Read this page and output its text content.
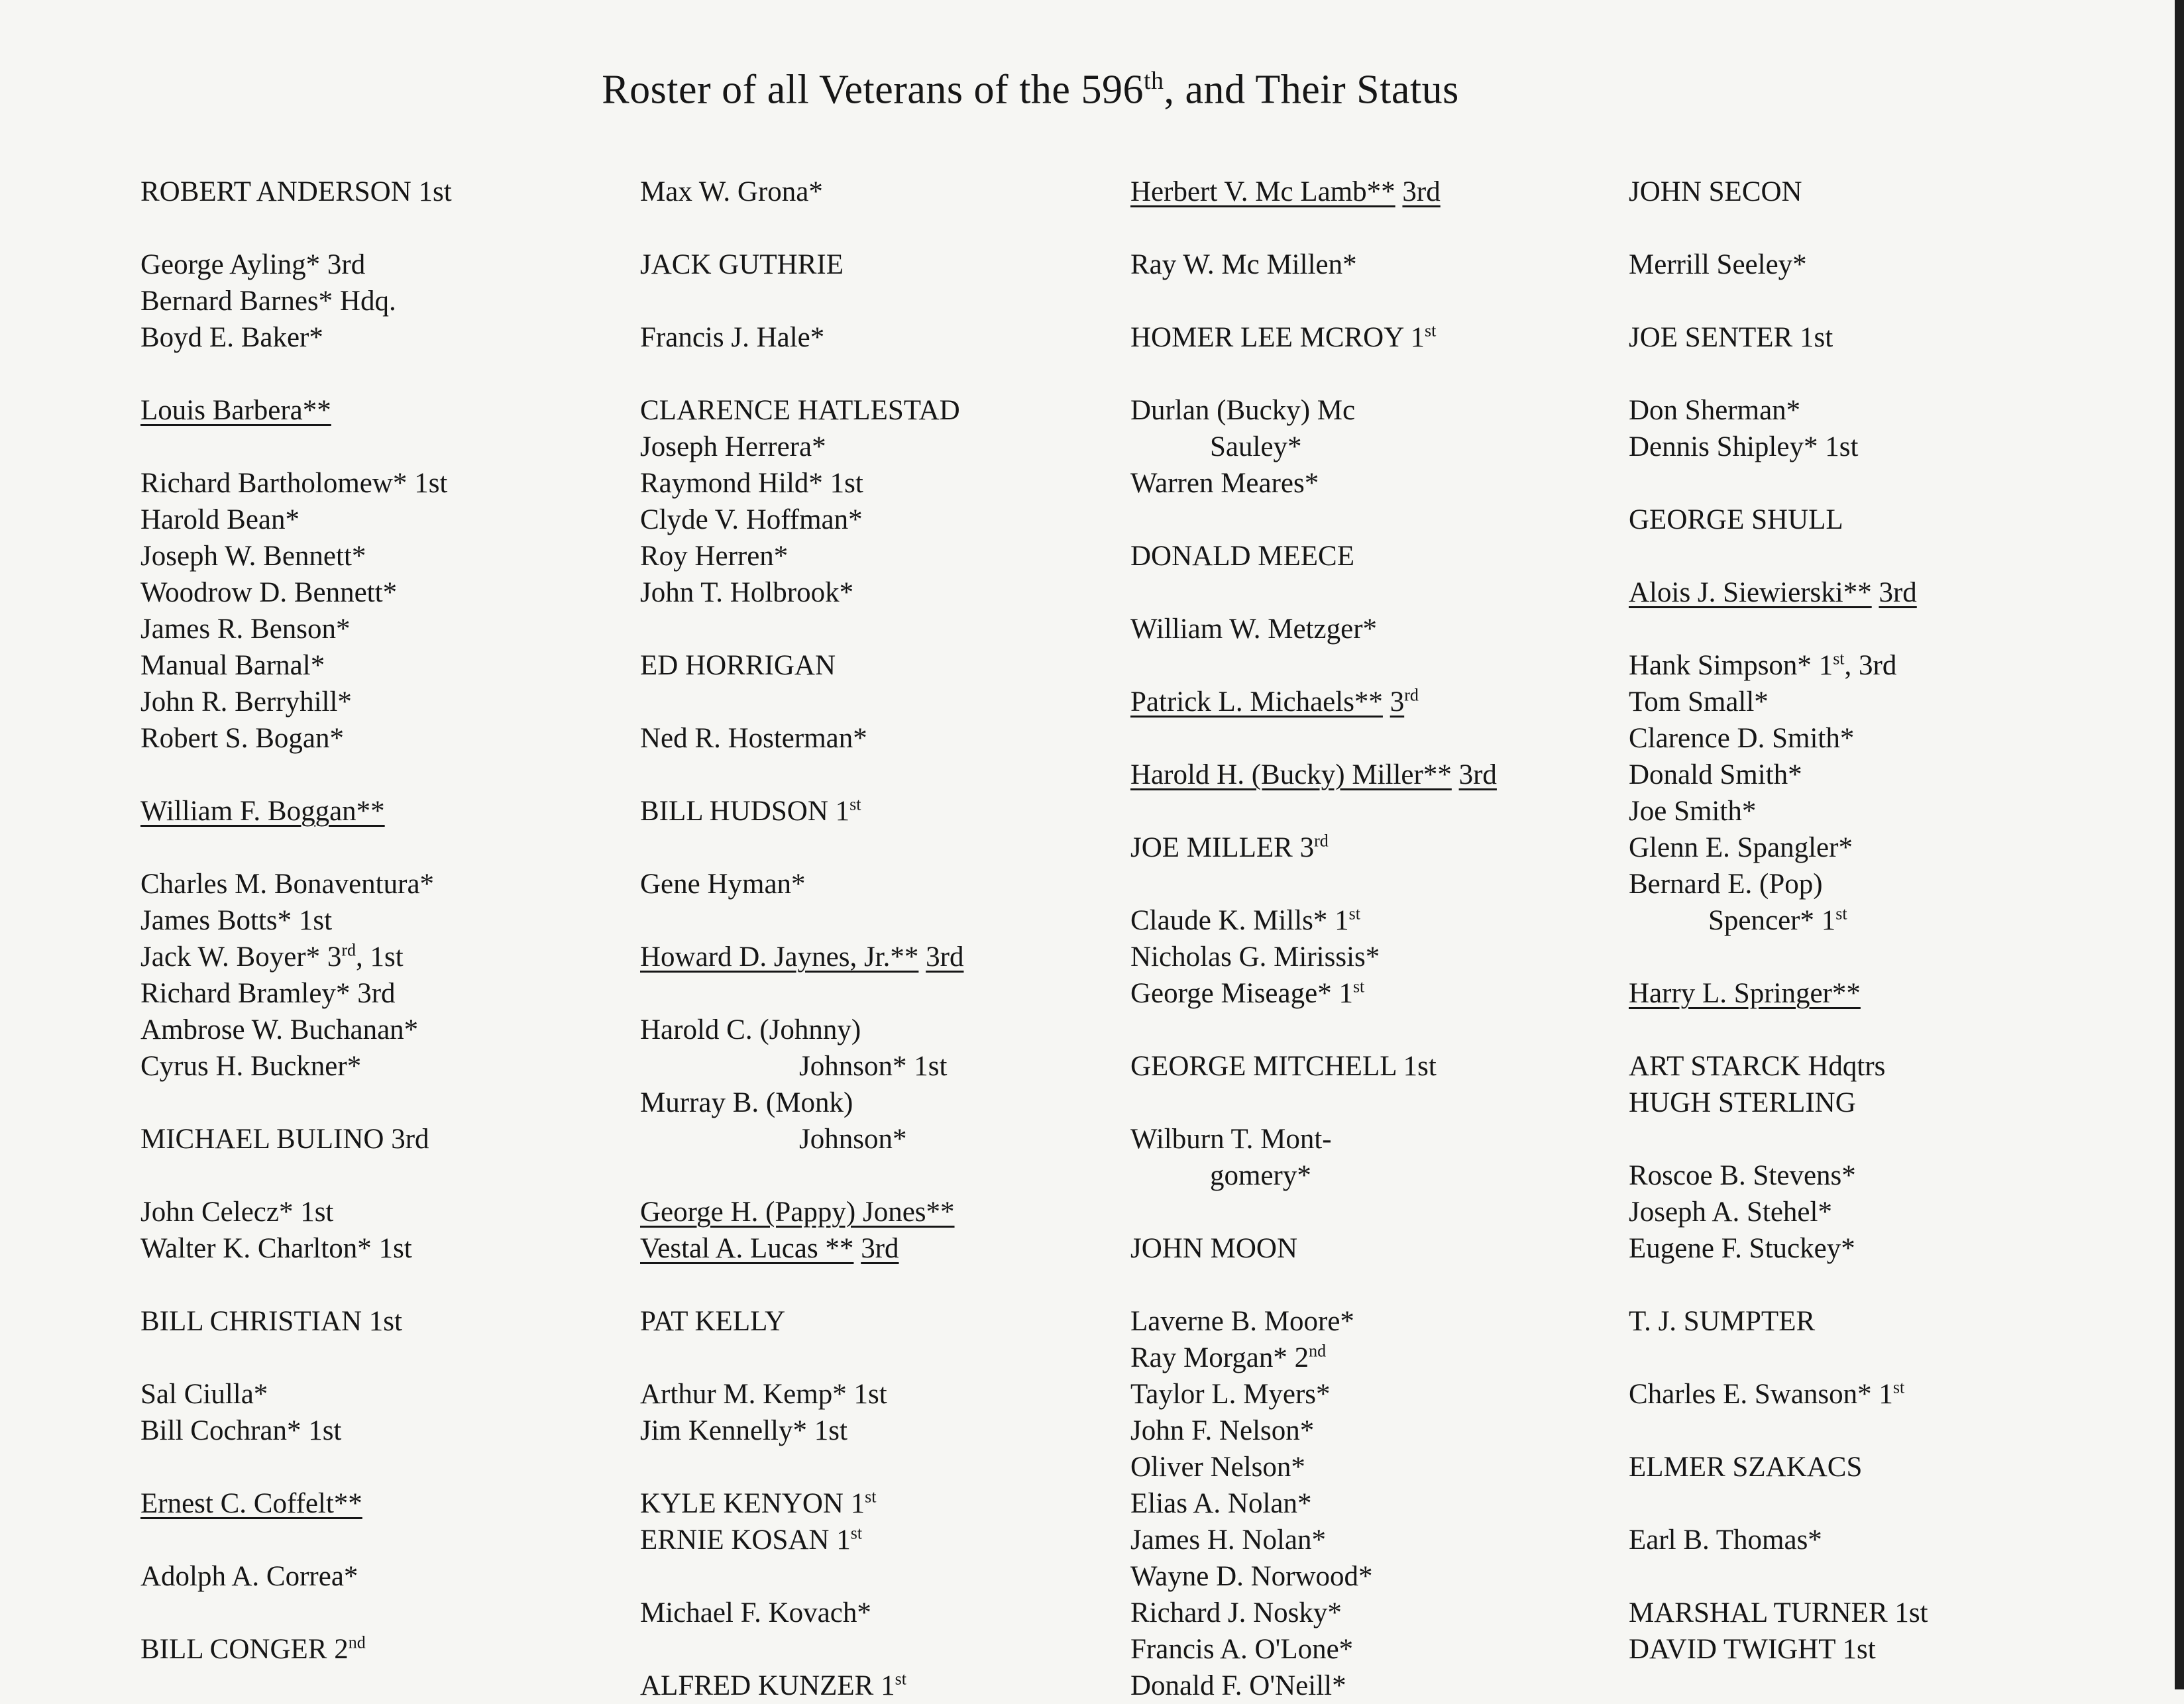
Roster of all Veterans of the 596th, and Their Status
ROBERT ANDERSON 1st
George Ayling* 3rd
Bernard Barnes* Hdq.
Boyd E. Baker*
Louis Barbera**
Richard Bartholomew* 1st
Harold Bean*
Joseph W. Bennett*
Woodrow D. Bennett*
James R. Benson*
Manual Barnal*
John R. Berryhill*
Robert S. Bogan*
William F. Boggan**
Charles M. Bonaventura*
James Botts* 1st
Jack W. Boyer* 3rd, 1st
Richard Bramley* 3rd
Ambrose W. Buchanan*
Cyrus H. Buckner*
MICHAEL BULINO 3rd
John Celecz* 1st
Walter K. Charlton* 1st
BILL CHRISTIAN 1st
Sal Ciulla*
Bill Cochran* 1st
Ernest C. Coffelt**
Adolph A. Correa*
BILL CONGER 2nd
Max W. Grona*
JACK GUTHRIE
Francis J. Hale*
CLARENCE HATLESTAD
Joseph Herrera*
Raymond Hild* 1st
Clyde V. Hoffman*
Roy Herren*
John T. Holbrook*
ED HORRIGAN
Ned R. Hosterman*
BILL HUDSON 1st
Gene Hyman*
Howard D. Jaynes, Jr.** 3rd
Harold C. (Johnny)
Johnson* 1st
Murray B. (Monk)
Johnson*
George H. (Pappy) Jones**
Vestal A. Lucas ** 3rd
PAT KELLY
Arthur M. Kemp* 1st
Jim Kennelly* 1st
KYLE KENYON 1st
ERNIE KOSAN 1st
Michael F. Kovach*
ALFRED KUNZER 1st
Herbert V. Mc Lamb** 3rd
Ray W. Mc Millen*
HOMER LEE MCROY 1st
Durlan (Bucky) Mc
Sauley*
Warren Meares*
DONALD MEECE
William W. Metzger*
Patrick L. Michaels** 3rd
Harold H. (Bucky) Miller** 3rd
JOE MILLER 3rd
Claude K. Mills* 1st
Nicholas G. Mirissis*
George Miseage* 1st
GEORGE MITCHELL 1st
Wilburn T. Mont-
gomery*
JOHN MOON
Laverne B. Moore*
Ray Morgan* 2nd
Taylor L. Myers*
John F. Nelson*
Oliver Nelson*
Elias A. Nolan*
James H. Nolan*
Wayne D. Norwood*
Richard J. Nosky*
Francis A. O'Lone*
Donald F. O'Neill*
JOHN SECON
Merrill Seeley*
JOE SENTER 1st
Don Sherman*
Dennis Shipley* 1st
GEORGE SHULL
Alois J. Siewierski** 3rd
Hank Simpson* 1st, 3rd
Tom Small*
Clarence D. Smith*
Donald Smith*
Joe Smith*
Glenn E. Spangler*
Bernard E. (Pop)
Spencer* 1st
Harry L. Springer**
ART STARCK Hdqtrs
HUGH STERLING
Roscoe B. Stevens*
Joseph A. Stehel*
Eugene F. Stuckey*
T. J. SUMPTER
Charles E. Swanson* 1st
ELMER SZAKACS
Earl B. Thomas*
MARSHAL TURNER 1st
DAVID TWIGHT 1st
